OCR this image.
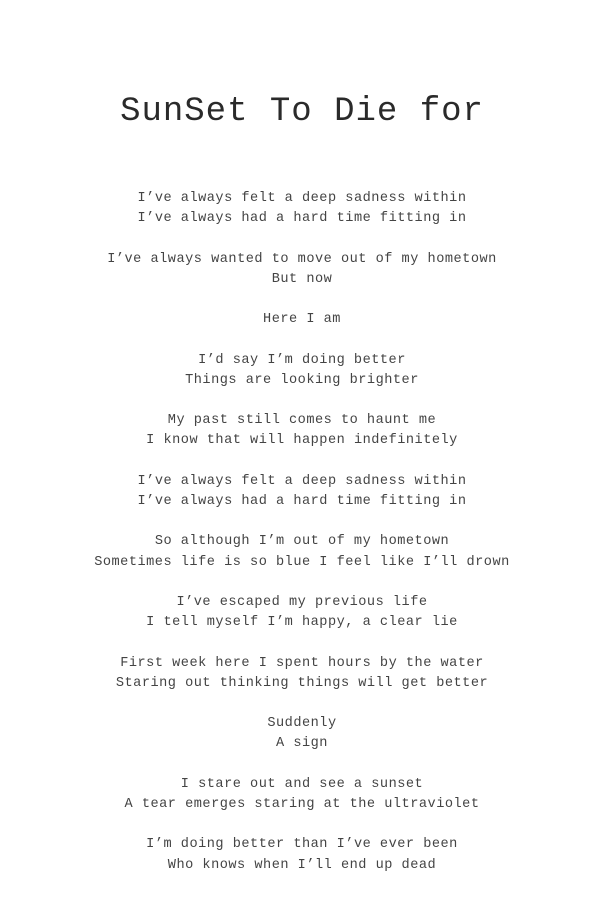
SunSet To Die for

I’ve always felt a deep sadness within
I’ve always had a hard time fitting in

I’ve always wanted to move out of my hometown
But now

Here I am

I’d say I’m doing better
Things are looking brighter

My past still comes to haunt me
I know that will happen indefinitely

I’ve always felt a deep sadness within
I’ve always had a hard time fitting in

So although I’m out of my hometown
Sometimes life is so blue I feel like I’ll drown

I’ve escaped my previous life
I tell myself I’m happy, a clear lie

First week here I spent hours by the water
Staring out thinking things will get better

Suddenly
A sign

I stare out and see a sunset
A tear emerges staring at the ultraviolet

I’m doing better than I’ve ever been
Who knows when I’ll end up dead
